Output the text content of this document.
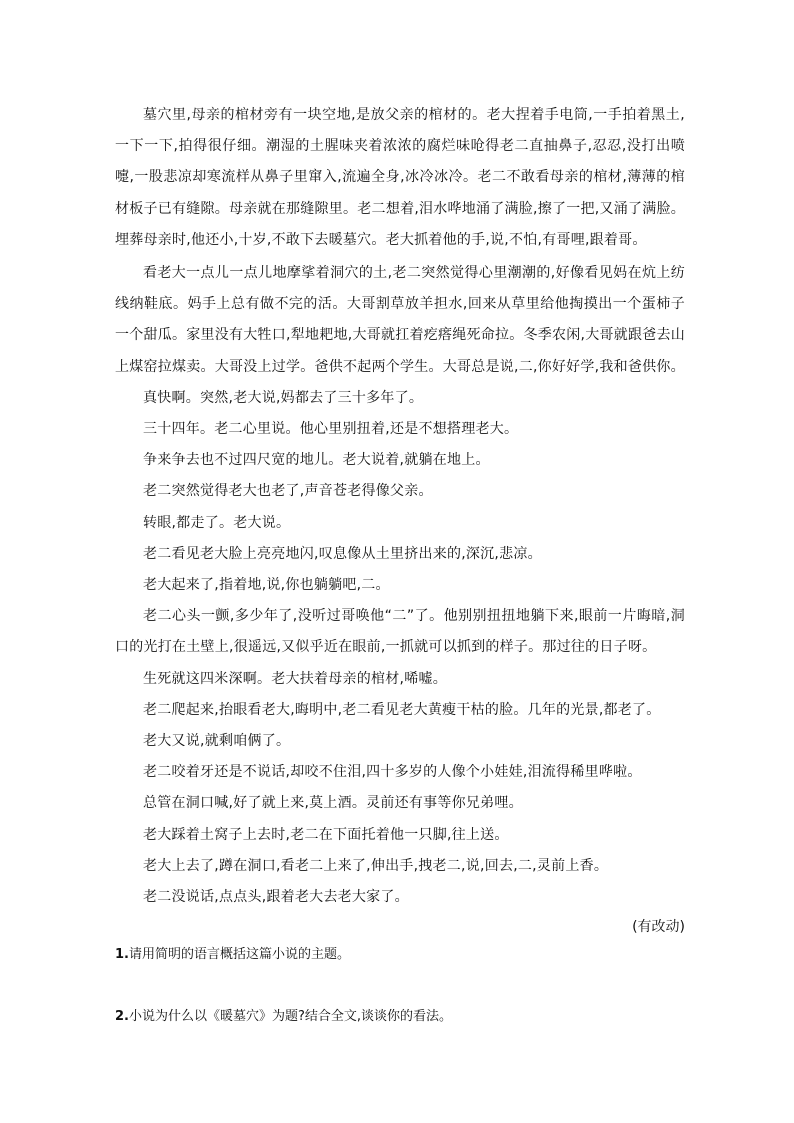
墓穴里,母亲的棺材旁有一块空地,是放父亲的棺材的。老大捏着手电筒,一手拍着黑土,一下一下,拍得很仔细。潮湿的土腥味夹着浓浓的腐烂味呛得老二直抽鼻子,忍忍,没打出喷嚏,一股悲凉却寒流样从鼻子里窜入,流遍全身,冰冷冰冷。老二不敢看母亲的棺材,薄薄的棺材板子已有缝隙。母亲就在那缝隙里。老二想着,泪水哗地涌了满脸,擦了一把,又涌了满脸。埋葬母亲时,他还小,十岁,不敢下去暖墓穴。老大抓着他的手,说,不怕,有哥哩,跟着哥。

看老大一点儿一点儿地摩挲着洞穴的土,老二突然觉得心里潮潮的,好像看见妈在炕上纺线纳鞋底。妈手上总有做不完的活。大哥割草放羊担水,回来从草里给他掏摸出一个蛋柿子一个甜瓜。家里没有大牲口,犁地耙地,大哥就扛着疙瘩绳死命拉。冬季农闲,大哥就跟爸去山上煤窑拉煤卖。大哥没上过学。爸供不起两个学生。大哥总是说,二,你好好学,我和爸供你。

真快啊。突然,老大说,妈都去了三十多年了。

三十四年。老二心里说。他心里别扭着,还是不想搭理老大。

争来争去也不过四尺宽的地儿。老大说着,就躺在地上。

老二突然觉得老大也老了,声音苍老得像父亲。

转眼,都走了。老大说。

老二看见老大脸上亮亮地闪,叹息像从土里挤出来的,深沉,悲凉。

老大起来了,指着地,说,你也躺躺吧,二。

老二心头一颤,多少年了,没听过哥唤他“二”了。他别别扭扭地躺下来,眼前一片晦暗,洞口的光打在土壁上,很遥远,又似乎近在眼前,一抓就可以抓到的样子。那过往的日子呀。

生死就这四米深啊。老大扶着母亲的棺材,唏嘘。

老二爬起来,抬眼看老大,晦明中,老二看见老大黄瘦干枯的脸。几年的光景,都老了。

老大又说,就剩咱俩了。

老二咬着牙还是不说话,却咬不住泪,四十多岁的人像个小娃娃,泪流得稀里哗啦。

总管在洞口喊,好了就上来,莫上酒。灵前还有事等你兄弟哩。

老大踩着土窝子上去时,老二在下面托着他一只脚,往上送。

老大上去了,蹲在洞口,看老二上来了,伸出手,拽老二,说,回去,二,灵前上香。

老二没说话,点点头,跟着老大去老大家了。

(有改动)

1.请用简明的语言概括这篇小说的主题。

2.小说为什么以《暖墓穴》为题?结合全文,谈谈你的看法。
